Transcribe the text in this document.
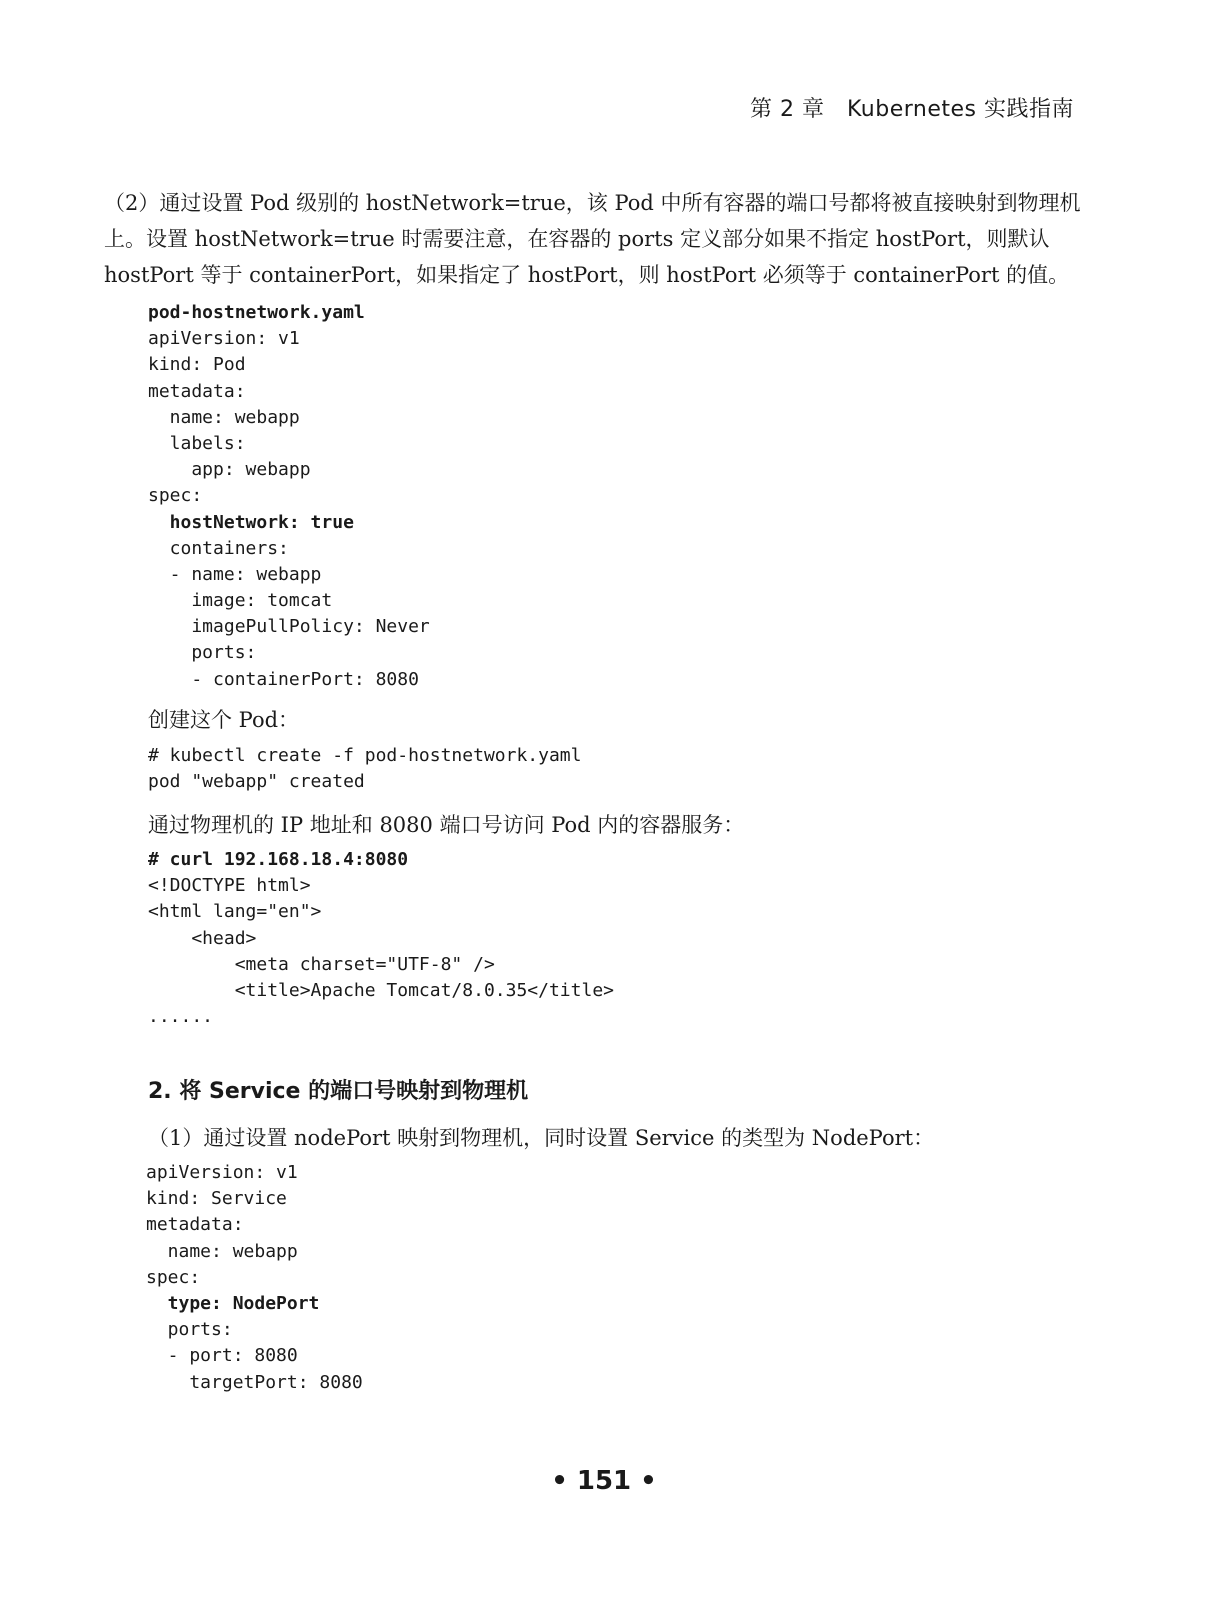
第 2 章　Kubernetes 实践指南
（2）通过设置 Pod 级别的 hostNetwork=true，该 Pod 中所有容器的端口号都将被直接映射到物理机上。设置 hostNetwork=true 时需要注意，在容器的 ports 定义部分如果不指定 hostPort，则默认 hostPort 等于 containerPort，如果指定了 hostPort，则 hostPort 必须等于 containerPort 的值。
pod-hostnetwork.yaml
apiVersion: v1
kind: Pod
metadata:
name: webapp
labels:
app: webapp
spec:
hostNetwork: true
containers:
- name: webapp
image: tomcat
imagePullPolicy: Never
ports:
- containerPort: 8080
创建这个 Pod：
# kubectl create -f pod-hostnetwork.yaml
pod "webapp" created
通过物理机的 IP 地址和 8080 端口号访问 Pod 内的容器服务：
# curl 192.168.18.4:8080
<!DOCTYPE html>
<html lang="en">
<head>
<meta charset="UTF-8" />
<title>Apache Tomcat/8.0.35</title>
......
2. 将 Service 的端口号映射到物理机
（1）通过设置 nodePort 映射到物理机，同时设置 Service 的类型为 NodePort：
apiVersion: v1
kind: Service
metadata:
name: webapp
spec:
type: NodePort
ports:
- port: 8080
targetPort: 8080
• 151 •
